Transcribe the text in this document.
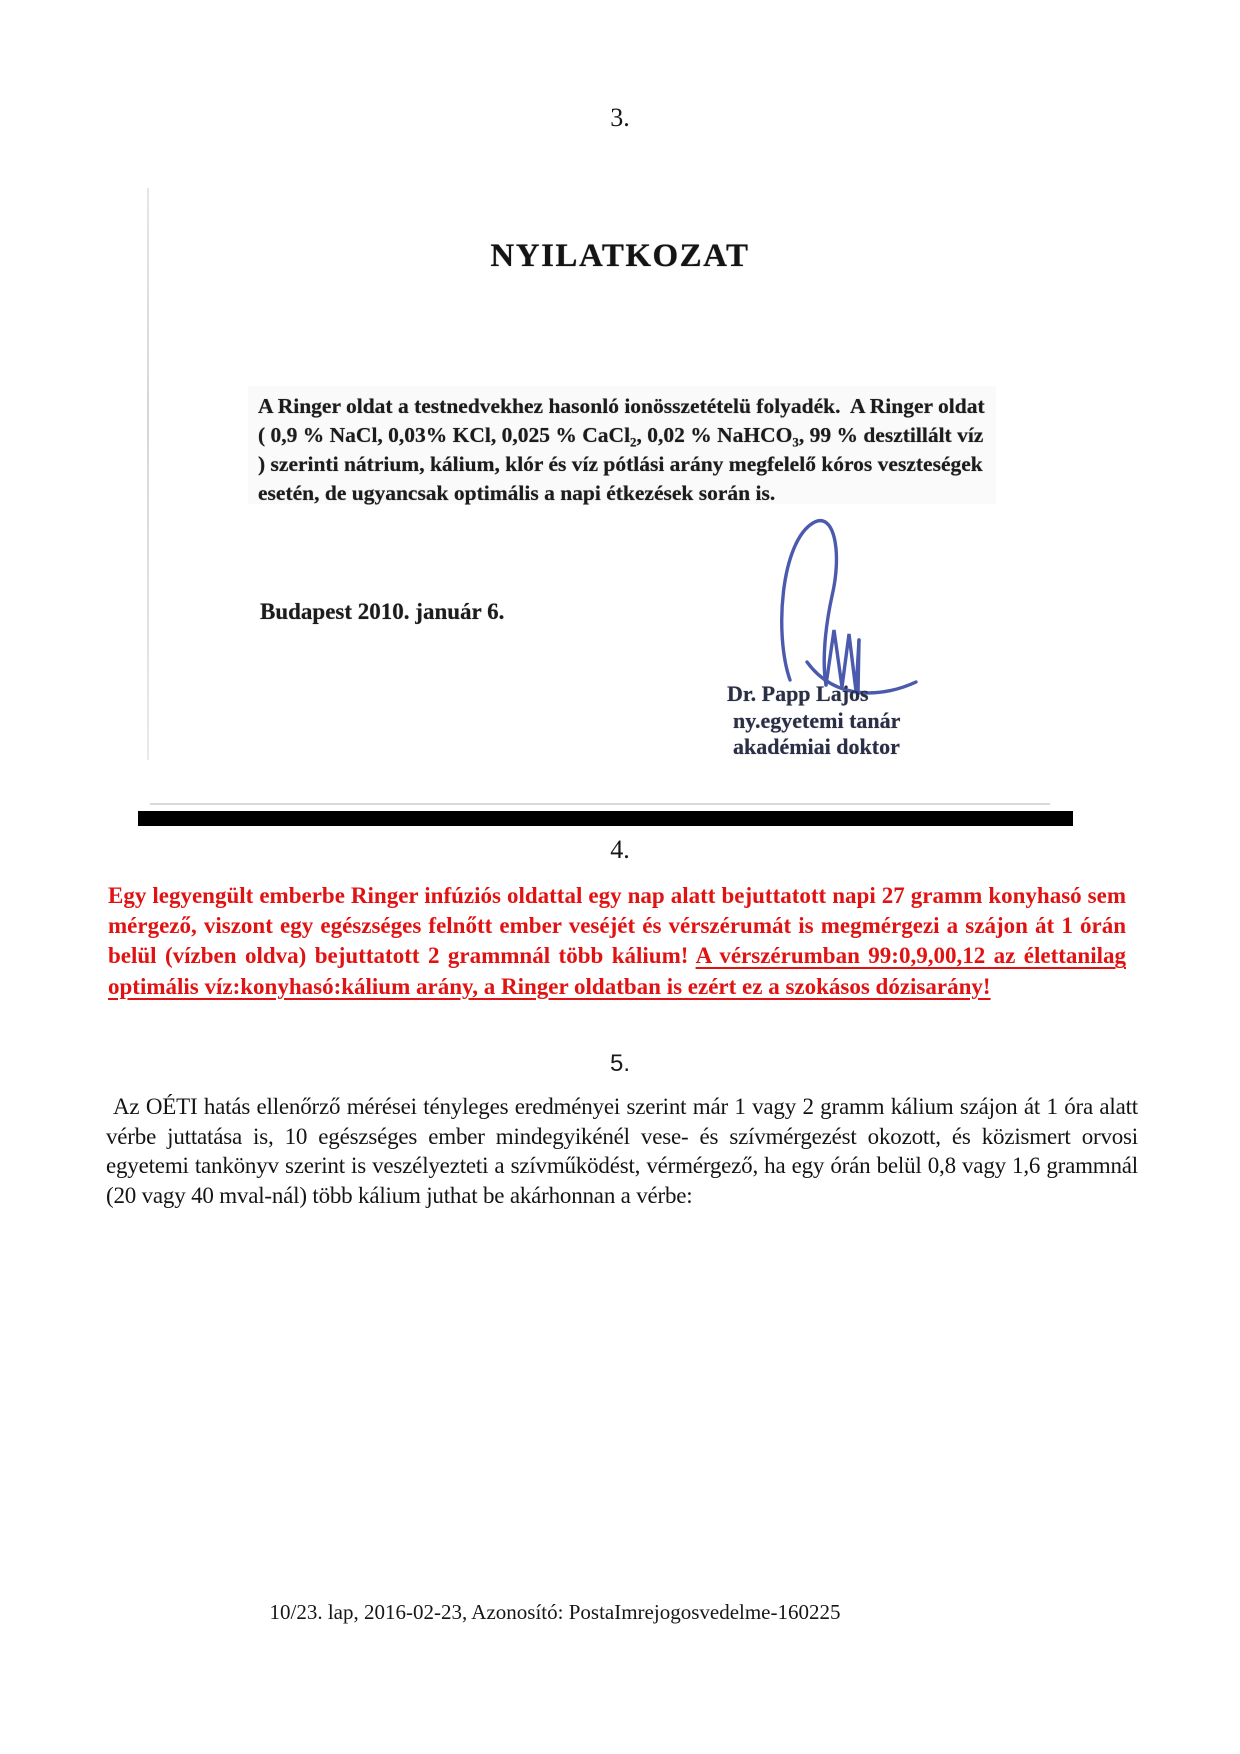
3.
NYILATKOZAT
A Ringer oldat a testnedvekhez hasonló ionösszetételü folyadék.  A Ringer oldat
( 0,9 % NaCl, 0,03% KCl, 0,025 % CaCl₂, 0,02 % NaHCO₃, 99 % desztillált víz
) szerinti nátrium, kálium, klór és víz pótlási arány megfelelő kóros veszteségek
esetén, de ugyancsak optimális a napi étkezések során is.
Budapest 2010. január 6.
Dr. Papp Lajos
ny.egyetemi tanár
akadémiai doktor
4.
Egy legyengült emberbe Ringer infúziós oldattal egy nap alatt bejuttatott napi 27 gramm konyhasó sem mérgező, viszont egy egészséges felnőtt ember veséjét és vérszérumát is megmérgezi a szájon át 1 órán belül (vízben oldva) bejuttatott 2 grammnál több kálium! A vérszérumban 99:0,9,00,12 az élettanilag optimális víz:konyhasó:kálium arány, a Ringer oldatban is ezért ez a szokásos dózisarány!
5.
Az OÉTI hatás ellenőrző mérései tényleges eredményei szerint már 1 vagy 2 gramm kálium szájon át 1 óra alatt vérbe juttatása is, 10 egészséges ember mindegyikénél vese- és szívmérgezést okozott, és közismert orvosi egyetemi tankönyv szerint is veszélyezteti a szívműködést, vérmérgező, ha egy órán belül 0,8 vagy 1,6 grammnál (20 vagy 40 mval-nál) több kálium juthat be akárhonnan a vérbe:
10/23. lap, 2016-02-23, Azonosító: PostaImrejogosvedelme-160225
